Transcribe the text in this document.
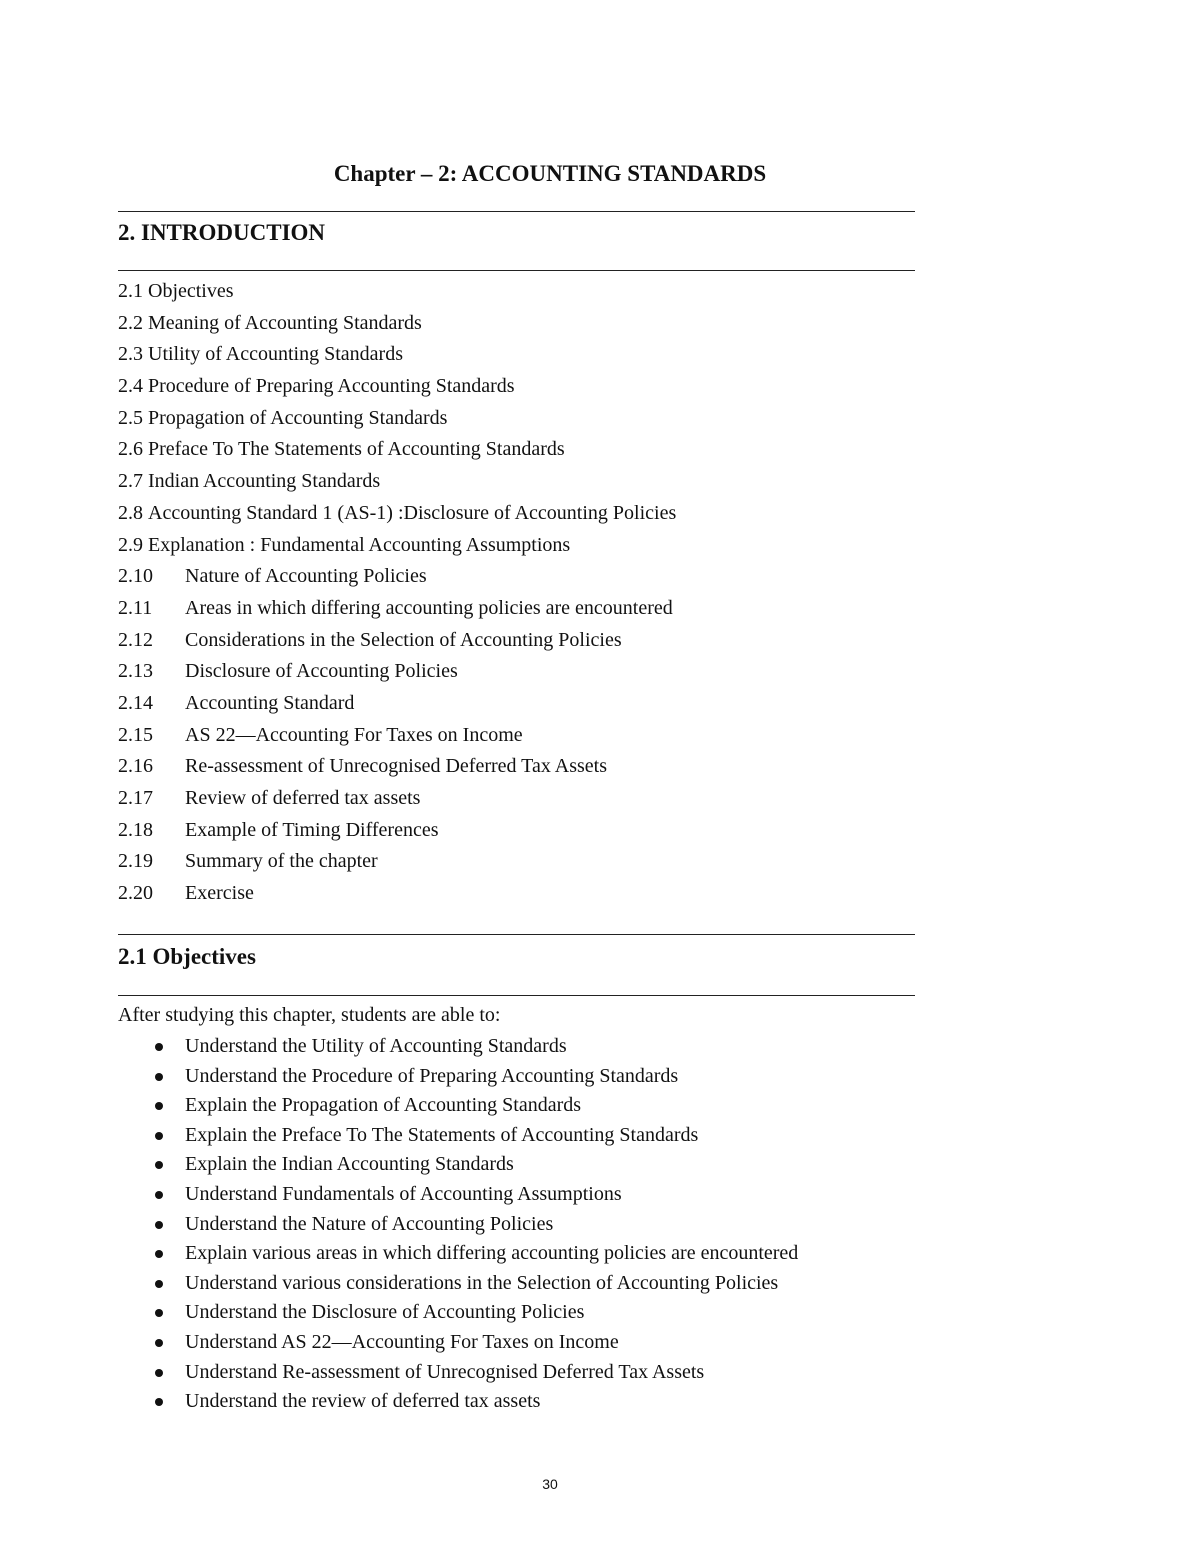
Chapter – 2: ACCOUNTING STANDARDS
2. INTRODUCTION
2.1 Objectives
2.2 Meaning of Accounting Standards
2.3 Utility of Accounting Standards
2.4 Procedure of Preparing Accounting Standards
2.5 Propagation of Accounting Standards
2.6 Preface To The Statements of Accounting Standards
2.7 Indian Accounting Standards
2.8 Accounting Standard 1 (AS-1) :Disclosure of Accounting Policies
2.9 Explanation : Fundamental Accounting Assumptions
2.10 Nature of Accounting Policies
2.11 Areas in which differing accounting policies are encountered
2.12 Considerations in the Selection of Accounting Policies
2.13 Disclosure of Accounting Policies
2.14 Accounting Standard
2.15 AS 22—Accounting For Taxes on Income
2.16 Re-assessment of Unrecognised Deferred Tax Assets
2.17 Review of deferred tax assets
2.18 Example of Timing Differences
2.19 Summary of the chapter
2.20 Exercise
2.1 Objectives
After studying this chapter, students are able to:
Understand the Utility of Accounting Standards
Understand the Procedure of Preparing Accounting Standards
Explain the Propagation of Accounting Standards
Explain the Preface To The Statements of Accounting Standards
Explain the Indian Accounting Standards
Understand Fundamentals of Accounting Assumptions
Understand the Nature of Accounting Policies
Explain various areas in which differing accounting policies are encountered
Understand various considerations in the Selection of Accounting Policies
Understand the Disclosure of Accounting Policies
Understand AS 22—Accounting For Taxes on Income
Understand Re-assessment of Unrecognised Deferred Tax Assets
Understand the review of deferred tax assets
30
